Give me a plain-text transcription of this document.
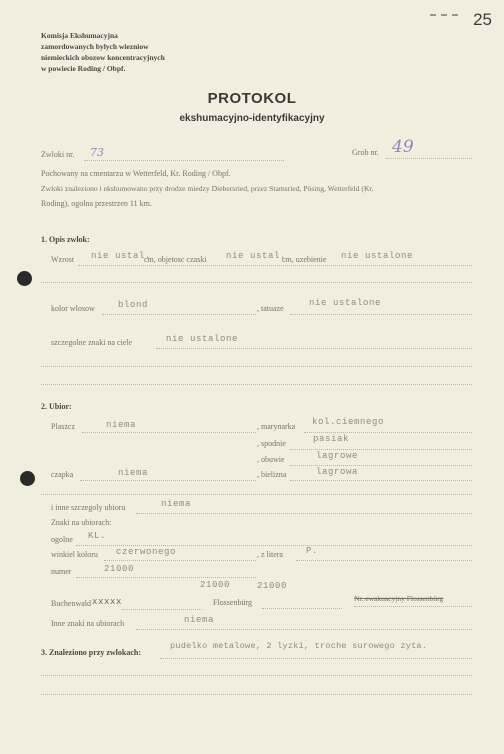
25
Komisja Ekshumacyjna
zamordowanych bylych wiezniow
niemieckich obozow koncentracyjnych
w powiecie Roding / Obpf.
PROTOKOL
ekshumacyjno-identyfikacyjny
Zwloki nr. 73	Grob nr. 49
Pochowany na cmentarzu w Wetterfeld, Kr. Roding / Obpf.
Zwloki znaleziono i ekshumowano przy drodze miedzy Diebersried, przez Stamsried, Pösing, Wetterfeld (Kr.
Roding), ogolna przestrzen 11 km.
1. Opis zwlok:
Wzrost nie ustal.
cm, objetosc czaski nie ustal.
cm, uzebienie nie ustalone
kolor wlosow	blond	, tatuaze
nie ustalone
szczegolne znaki na ciele	nie ustalone
2. Ubior:
Plaszcz	niema	, marynarka kol.ciemnego
, spodnie	pasiak
, obuwie	lagrowe
czapka	niema	, bielizna	lagrowa
i inne szczegoly ubioru	niema
Znaki na ubiorach:
ogolne KL.
winkiel koloru czerwonego	, z litera	P.
numer	21000
21000	21000
Buchenwald xxxxx	Flossenbürg	Nr. ewakuacyjny Flossenbürg
Inne znaki na ubiorach	niema
3. Znaleziono przy zwlokach:
pudelko metalowe, 2 lyzki, troche surowego zyta.
